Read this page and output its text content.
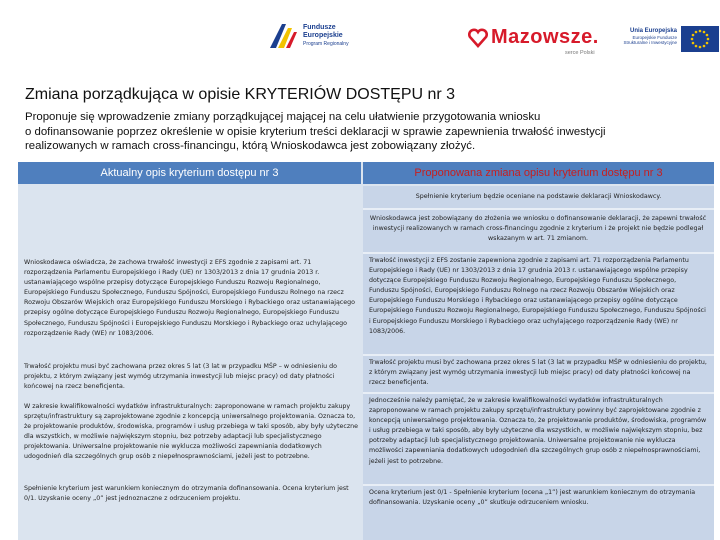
Fundusze
Europejskie
Program Regionalny	Mazowsze.
serce Polski
Unia Europejska
Europejskie Fundusze
Strukturalne i Inwestycyjne
Zmiana porządkująca w opisie KRYTERIÓW DOSTĘPU nr 3
Proponuje się wprowadzenie zmiany porządkującej mającej na celu ułatwienie przygotowania wniosku
o dofinansowanie poprzez określenie w opisie kryterium treści deklaracji w sprawie zapewnienia trwałość inwestycji
realizowanych w ramach cross-financingu, którą Wnioskodawca jest zobowiązany złożyć.
Aktualny opis kryterium dostępu nr 3	Proponowana zmiana opisu kryterium dostępu nr 3
Wnioskodawca oświadcza, że zachowa trwałość inwestycji z EFS zgodnie z zapisami art. 71 rozporządzenia Parlamentu Europejskiego i Rady (UE) nr 1303/2013 z dnia 17 grudnia 2013 r. ustanawiającego wspólne przepisy dotyczące Europejskiego Funduszu Rozwoju Regionalnego, Europejskiego Funduszu Społecznego, Funduszu Spójności, Europejskiego Funduszu Rolnego na rzecz Rozwoju Obszarów Wiejskich oraz Europejskiego Funduszu Morskiego i Rybackiego oraz ustanawiającego przepisy ogólne dotyczące Europejskiego Funduszu Rozwoju Regionalnego, Europejskiego Funduszu Społecznego, Funduszu Spójności i Europejskiego Funduszu Morskiego i Rybackiego oraz uchylającego rozporządzenie Rady (WE) nr 1083/2006.
Trwałość projektu musi być zachowana przez okres 5 lat (3 lat w przypadku MŚP – w odniesieniu do projektu, z którym związany jest wymóg utrzymania inwestycji lub miejsc pracy) od daty płatności końcowej na rzecz beneficjenta.
W zakresie kwalifikowalności wydatków infrastrukturalnych: zaproponowane w ramach projektu zakupy sprzętu/infrastruktury są zaprojektowane zgodnie z koncepcją uniwersalnego projektowania. Oznacza to, że projektowanie produktów, środowiska, programów i usług przebiega w taki sposób, aby były użyteczne dla wszystkich, w możliwie największym stopniu, bez potrzeby adaptacji lub specjalistycznego projektowania. Uniwersalne projektowanie nie wyklucza możliwości zapewniania dodatkowych udogodnień dla szczególnych grup osób z niepełnosprawnościami, jeżeli jest to potrzebne.
Spełnienie kryterium jest warunkiem koniecznym do otrzymania dofinansowania. Ocena kryterium jest 0/1. Uzyskanie oceny „0” jest jednoznaczne z odrzuceniem projektu.
Spełnienie kryterium będzie oceniane na podstawie deklaracji Wnioskodawcy.
Wnioskodawca jest zobowiązany do złożenia we wniosku o dofinansowanie deklaracji, że zapewni trwałość inwestycji realizowanych w ramach cross-financingu zgodnie z kryterium i że projekt nie będzie podlegał wskazanym w art. 71 zmianom.
Trwałość inwestycji z EFS zostanie zapewniona zgodnie z zapisami art. 71 rozporządzenia Parlamentu Europejskiego i Rady (UE) nr 1303/2013 z dnia 17 grudnia 2013 r. ustanawiającego wspólne przepisy dotyczące Europejskiego Funduszu Rozwoju Regionalnego, Europejskiego Funduszu Społecznego, Funduszu Spójności, Europejskiego Funduszu Rolnego na rzecz Rozwoju Obszarów Wiejskich oraz Europejskiego Funduszu Morskiego i Rybackiego oraz ustanawiającego przepisy ogólne dotyczące Europejskiego Funduszu Rozwoju Regionalnego, Europejskiego Funduszu Społecznego, Funduszu Spójności i Europejskiego Funduszu Morskiego i Rybackiego oraz uchylającego rozporządzenie Rady (WE) nr 1083/2006.
Trwałość projektu musi być zachowana przez okres 5 lat (3 lat w przypadku MŚP w odniesieniu do projektu, z którym związany jest wymóg utrzymania inwestycji lub miejsc pracy) od daty płatności końcowej na rzecz beneficjenta.
Jednocześnie należy pamiętać, że w zakresie kwalifikowalności wydatków infrastrukturalnych zaproponowane w ramach projektu zakupy sprzętu/infrastruktury powinny być zaprojektowane zgodnie z koncepcją uniwersalnego projektowania. Oznacza to, że projektowanie produktów, środowiska, programów i usług przebiega w taki sposób, aby były użyteczne dla wszystkich, w możliwie największym stopniu, bez potrzeby adaptacji lub specjalistycznego projektowania. Uniwersalne projektowanie nie wyklucza możliwości zapewniania dodatkowych udogodnień dla szczególnych grup osób z niepełnosprawnościami, jeżeli jest to potrzebne.
Ocena kryterium jest 0/1 - Spełnienie kryterium (ocena „1”) jest warunkiem koniecznym do otrzymania dofinansowania. Uzyskanie oceny „0” skutkuje odrzuceniem wniosku.
